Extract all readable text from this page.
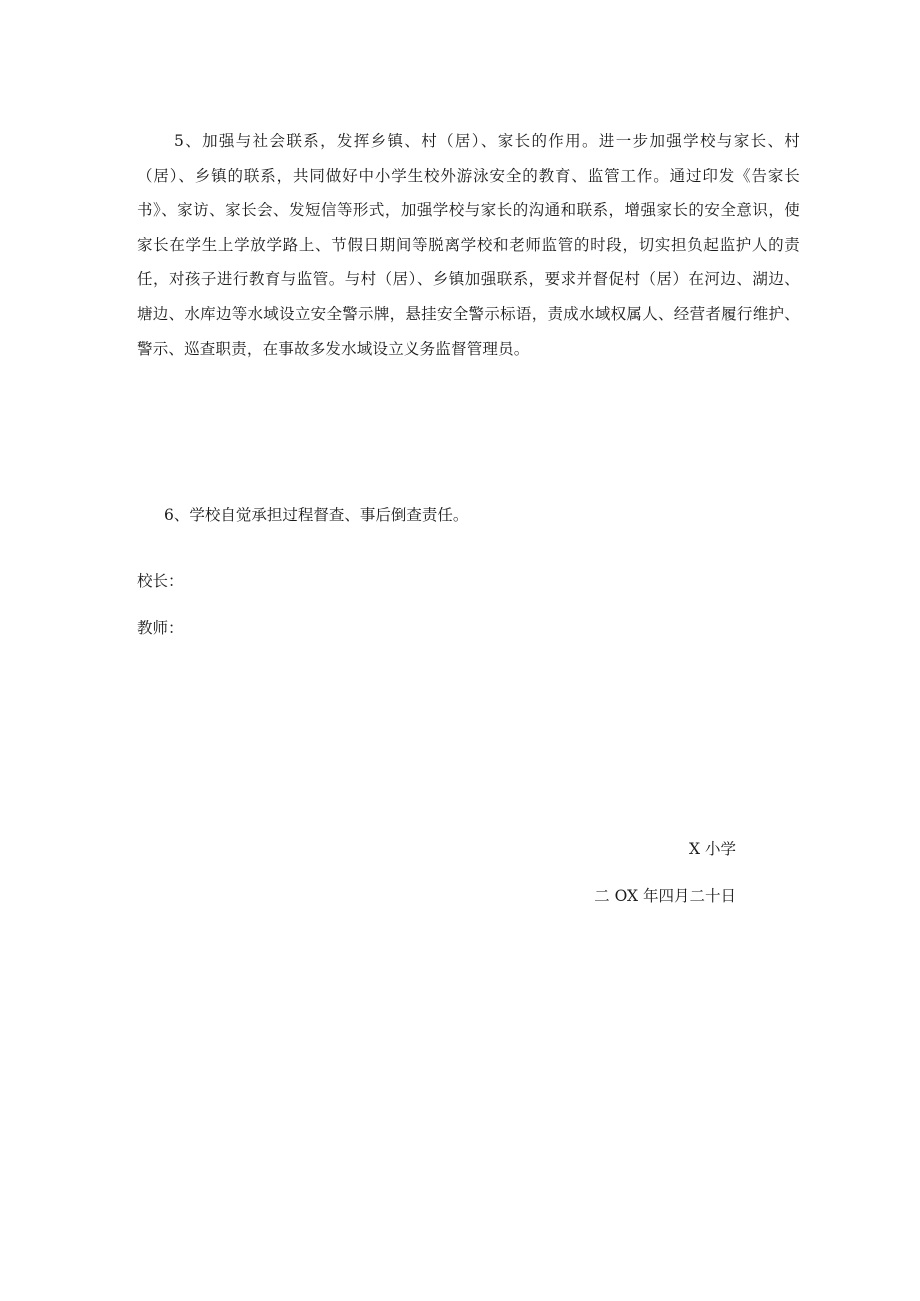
5、加强与社会联系，发挥乡镇、村（居）、家长的作用。进一步加强学校与家长、村（居）、乡镇的联系，共同做好中小学生校外游泳安全的教育、监管工作。通过印发《告家长书》、家访、家长会、发短信等形式，加强学校与家长的沟通和联系，增强家长的安全意识，使家长在学生上学放学路上、节假日期间等脱离学校和老师监管的时段，切实担负起监护人的责任，对孩子进行教育与监管。与村（居）、乡镇加强联系，要求并督促村（居）在河边、湖边、塘边、水库边等水域设立安全警示牌，悬挂安全警示标语，责成水域权属人、经营者履行维护、警示、巡查职责，在事故多发水域设立义务监督管理员。

6、学校自觉承担过程督查、事后倒查责任。

校长：

教师：

X 小学

二 OX 年四月二十日
